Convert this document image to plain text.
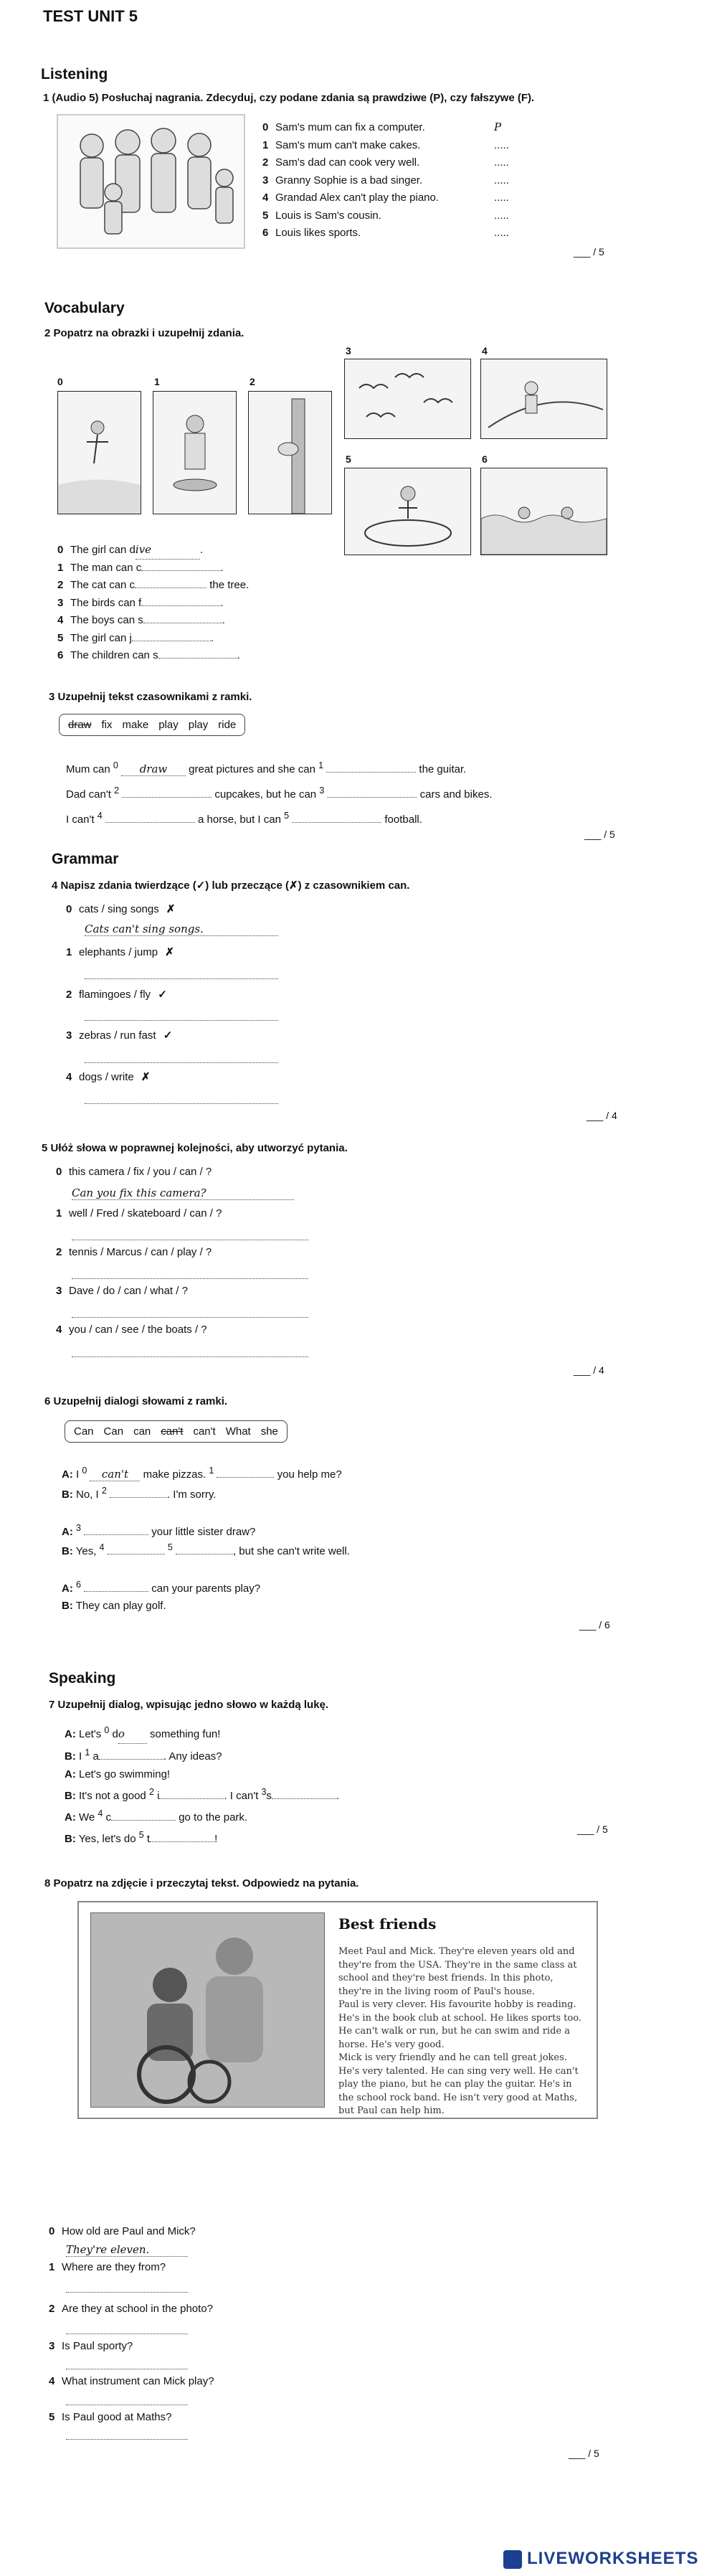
TEST UNIT 5
Listening
1 (Audio 5) Posłuchaj nagrania. Zdecyduj, czy podane zdania są prawdziwe (P), czy fałszywe (F).
0 Sam's mum can fix a computer.	P
1 Sam's mum can't make cakes.	.....
2 Sam's dad can cook very well.	.....
3 Granny Sophie is a bad singer.	.....
4 Grandad Alex can't play the piano.	.....
5 Louis is Sam's cousin.	.....
6 Louis likes sports.	.....
___ / 5
Vocabulary
2 Popatrz na obrazki i uzupełnij zdania.
3	4
0	1	2
5	6
0 The girl can dive	.
1 The man can c	.
2 The cat can c	the tree.
3 The birds can f	.
4 The boys can s	.
5 The girl can j	.
6 The children can s	.
3 Uzupełnij tekst czasownikami z ramki.
draw fix make play play ride
Mum can $^0$ draw great pictures and she can $^1$	the guitar.
Dad can't $^2$	cupcakes, but he can $^3$	cars and bikes.
I can't $^4$	a horse, but I can $^5$	football.
___ / 5
Grammar
4 Napisz zdania twierdzące (✓) lub przeczące (✗) z czasownikiem can.
0 cats / sing songs ✗
Cats can't sing songs.
1 elephants / jump ✗
2 flamingoes / fly ✓
3 zebras / run fast ✓
4 dogs / write ✗
___ / 4
5 Ułóż słowa w poprawnej kolejności, aby utworzyć pytania.
0 this camera / fix / you / can / ?
Can you fix this camera?
1 well / Fred / skateboard / can / ?
2 tennis / Marcus / can / play / ?
3 Dave / do / can / what / ?
4 you / can / see / the boats / ?
___ / 4
6 Uzupełnij dialogi słowami z ramki.
Can Can can can't can't What she
A: I $^0$ can't make pizzas. $^1$	you help me?
B: No, I $^2$	. I'm sorry.
A: $^3$	your little sister draw?
B: Yes, $^4$	$^5$	, but she can't write well.
A: $^6$	can your parents play?
B: They can play golf.
___ / 6
Speaking
7 Uzupełnij dialog, wpisując jedno słowo w każdą lukę.
A: Let's $^0$ do something fun!
B: I $^1$ a	. Any ideas?
A: Let's go swimming!
B: It's not a good $^2$ i	. I can't $^3$s	.
A: We $^4$ c	go to the park.
B: Yes, let's do $^5$ t	!
___ / 5
8 Popatrz na zdjęcie i przeczytaj tekst. Odpowiedz na pytania.
Best friends
Meet Paul and Mick. They're eleven years old and they're from the USA. They're in the same class at school and they're best friends. In this photo, they're in the living room of Paul's house.
Paul is very clever. His favourite hobby is reading. He's in the book club at school. He likes sports too. He can't walk or run, but he can swim and ride a horse. He's very good.
Mick is very friendly and he can tell great jokes. He's very talented. He can sing very well. He can't play the piano, but he can play the guitar. He's in the school rock band. He isn't very good at Maths, but Paul can help him.
0 How old are Paul and Mick?
They're eleven.
1 Where are they from?
2 Are they at school in the photo?
3 Is Paul sporty?
4 What instrument can Mick play?
5 Is Paul good at Maths?
___ / 5
LIVEWORKSHEETS
